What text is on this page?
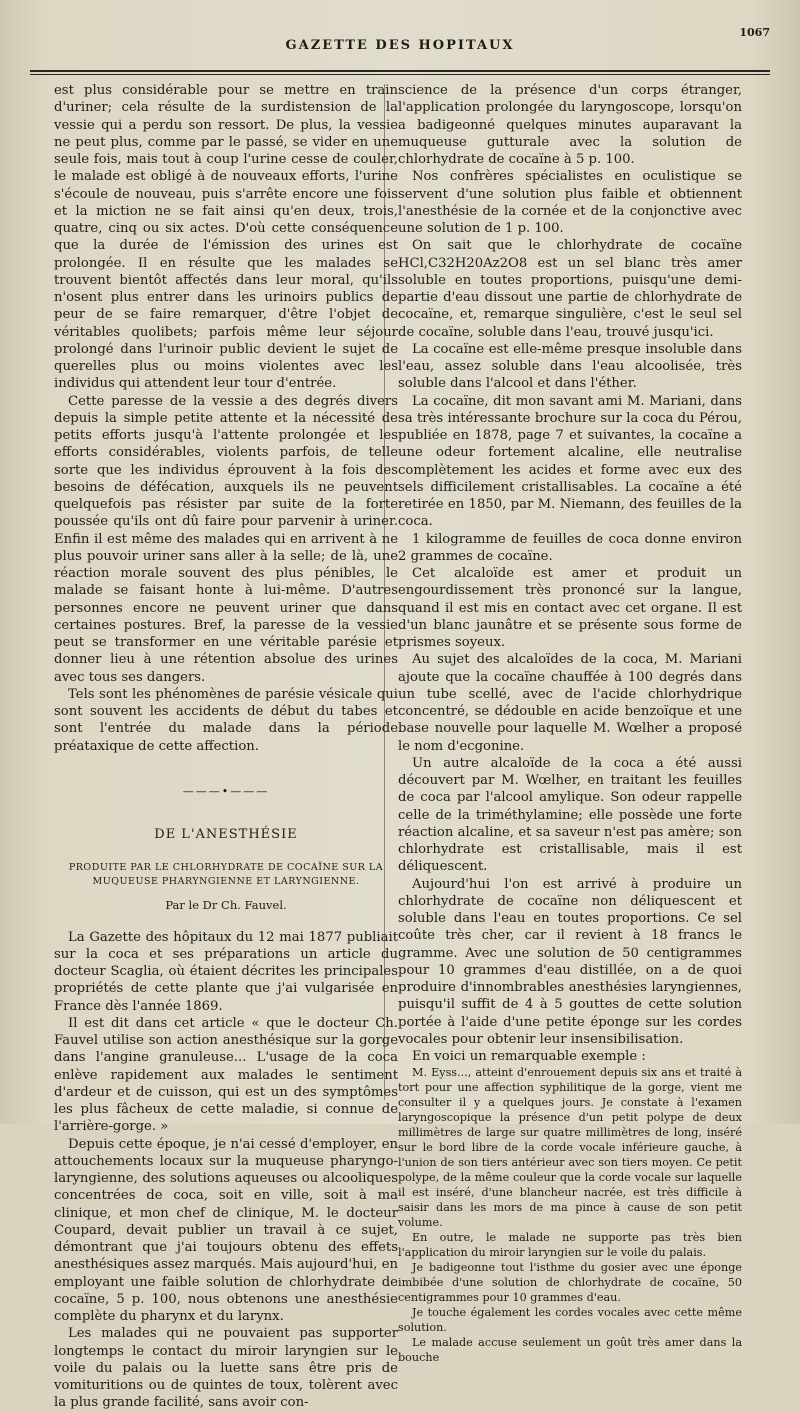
GAZETTE DES HOPITAUX
1067

est plus considérable pour se mettre en train d'uriner; cela résulte de la surdistension de la vessie qui a perdu son ressort. De plus, la vessie ne peut plus, comme par le passé, se vider en une seule fois, mais tout à coup l'urine cesse de couler, le malade est obligé à de nouveaux efforts, l'urine s'écoule de nouveau, puis s'arrête encore une fois et la miction ne se fait ainsi qu'en deux, trois, quatre, cinq ou six actes. D'où cette conséquence que la durée de l'émission des urines est prolongée. Il en résulte que les malades se trouvent bientôt affectés dans leur moral, qu'ils n'osent plus entrer dans les urinoirs publics de peur de se faire remarquer, d'être l'objet de véritables quolibets; parfois même leur séjour prolongé dans l'urinoir public devient le sujet de querelles plus ou moins violentes avec les individus qui attendent leur tour d'entrée.

Cette paresse de la vessie a des degrés divers depuis la simple petite attente et la nécessité de petits efforts jusqu'à l'attente prolongée et les efforts considérables, violents parfois, de telle sorte que les individus éprouvent à la fois des besoins de défécation, auxquels ils ne peuvent quelquefois pas résister par suite de la forte poussée qu'ils ont dû faire pour parvenir à uriner. Enfin il est même des malades qui en arrivent à ne plus pouvoir uriner sans aller à la selle; de là, une réaction morale souvent des plus pénibles, le malade se faisant honte à lui-même. D'autres personnes encore ne peuvent uriner que dans certaines postures. Bref, la paresse de la vessie peut se transformer en une véritable parésie et donner lieu à une rétention absolue des urines avec tous ses dangers.

Tels sont les phénomènes de parésie vésicale qui sont souvent les accidents de début du tabes et sont l'entrée du malade dans la période préataxique de cette affection.

———•———
DE L'ANESTHÉSIE
PRODUITE PAR LE CHLORHYDRATE DE COCAÏNE SUR LA MUQUEUSE PHARYNGIENNE ET LARYNGIENNE.
Par le Dr Ch. Fauvel.

La Gazette des hôpitaux du 12 mai 1877 publiait sur la coca et ses préparations un article du docteur Scaglia, où étaient décrites les principales propriétés de cette plante que j'ai vulgarisée en France dès l'année 1869.

Il est dit dans cet article « que le docteur Ch. Fauvel utilise son action anesthésique sur la gorge dans l'angine granuleuse... L'usage de la coca enlève rapidement aux malades le sentiment d'ardeur et de cuisson, qui est un des symptômes les plus fâcheux de cette maladie, si connue de l'arrière-gorge. »

Depuis cette époque, je n'ai cessé d'employer, en attouchements locaux sur la muqueuse pharyngo-laryngienne, des solutions aqueuses ou alcooliques concentrées de coca, soit en ville, soit à ma clinique, et mon chef de clinique, M. le docteur Coupard, devait publier un travail à ce sujet, démontrant que j'ai toujours obtenu des effets anesthésiques assez marqués. Mais aujourd'hui, en employant une faible solution de chlorhydrate de cocaïne, 5 p. 100, nous obtenons une anesthésie complète du pharynx et du larynx.

Les malades qui ne pouvaient pas supporter longtemps le contact du miroir laryngien sur le voile du palais ou la luette sans être pris de vomituritions ou de quintes de toux, tolèrent avec la plus grande facilité, sans avoir con-

science de la présence d'un corps étranger, l'application prolongée du laryngoscope, lorsqu'on a badigeonné quelques minutes auparavant la muqueuse gutturale avec la solution de chlorhydrate de cocaïne à 5 p. 100.

Nos confrères spécialistes en oculistique se servent d'une solution plus faible et obtiennent l'anesthésie de la cornée et de la conjonctive avec une solution de 1 p. 100.

On sait que le chlorhydrate de cocaïne HCl,C32H20Az2O8 est un sel blanc très amer soluble en toutes proportions, puisqu'une demi-partie d'eau dissout une partie de chlorhydrate de cocaïne, et, remarque singulière, c'est le seul sel de cocaïne, soluble dans l'eau, trouvé jusqu'ici.

La cocaïne est elle-même presque insoluble dans l'eau, assez soluble dans l'eau alcoolisée, très soluble dans l'alcool et dans l'éther.

La cocaïne, dit mon savant ami M. Mariani, dans sa très intéressante brochure sur la coca du Pérou, publiée en 1878, page 7 et suivantes, la cocaïne a une odeur fortement alcaline, elle neutralise complètement les acides et forme avec eux des sels difficilement cristallisables. La cocaïne a été retirée en 1850, par M. Niemann, des feuilles de la coca.

1 kilogramme de feuilles de coca donne environ 2 grammes de cocaïne.

Cet alcaloïde est amer et produit un engourdissement très prononcé sur la langue, quand il est mis en contact avec cet organe. Il est d'un blanc jaunâtre et se présente sous forme de prismes soyeux.

Au sujet des alcaloïdes de la coca, M. Mariani ajoute que la cocaïne chauffée à 100 degrés dans un tube scellé, avec de l'acide chlorhydrique concentré, se dédouble en acide benzoïque et une base nouvelle pour laquelle M. Wœlher a proposé le nom d'ecgonine.

Un autre alcaloïde de la coca a été aussi découvert par M. Wœlher, en traitant les feuilles de coca par l'alcool amylique. Son odeur rappelle celle de la triméthylamine; elle possède une forte réaction alcaline, et sa saveur n'est pas amère; son chlorhydrate est cristallisable, mais il est déliquescent.

Aujourd'hui l'on est arrivé à produire un chlorhydrate de cocaïne non déliquescent et soluble dans l'eau en toutes proportions. Ce sel coûte très cher, car il revient à 18 francs le gramme. Avec une solution de 50 centigrammes pour 10 grammes d'eau distillée, on a de quoi produire d'innombrables anesthésies laryngiennes, puisqu'il suffit de 4 à 5 gouttes de cette solution portée à l'aide d'une petite éponge sur les cordes vocales pour obtenir leur insensibilisation.

En voici un remarquable exemple :

M. Eyss..., atteint d'enrouement depuis six ans et traité à tort pour une affection syphilitique de la gorge, vient me consulter il y a quelques jours. Je constate à l'examen laryngoscopique la présence d'un petit polype de deux millimètres de large sur quatre millimètres de long, inséré sur le bord libre de la corde vocale inférieure gauche, à l'union de son tiers antérieur avec son tiers moyen. Ce petit polype, de la même couleur que la corde vocale sur laquelle il est inséré, d'une blancheur nacrée, est très difficile à saisir dans les mors de ma pince à cause de son petit volume.

En outre, le malade ne supporte pas très bien l'application du miroir laryngien sur le voile du palais.

Je badigeonne tout l'isthme du gosier avec une éponge imbibée d'une solution de chlorhydrate de cocaïne, 50 centigrammes pour 10 grammes d'eau.

Je touche également les cordes vocales avec cette même solution.

Le malade accuse seulement un goût très amer dans la bouche
